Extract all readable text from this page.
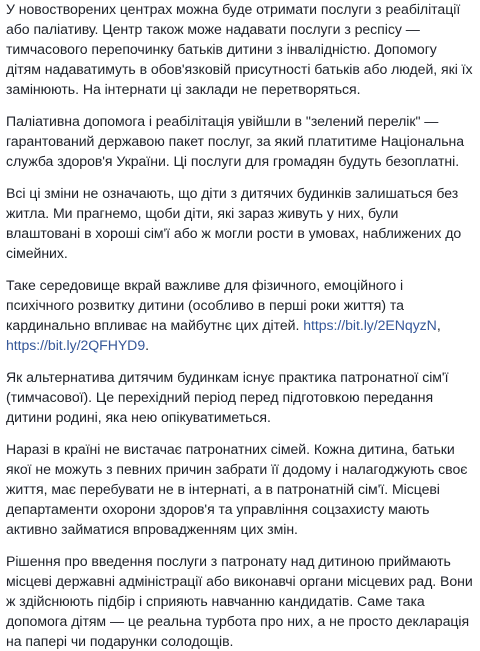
У новостворених центрах можна буде отримати послуги з реабілітації або паліативу. Центр також може надавати послуги з респісу — тимчасового перепочинку батьків дитини з інвалідністю. Допомогу дітям надаватимуть в обов'язковій присутності батьків або людей, які їх замінюють. На інтернати ці заклади не перетворяться.

Паліативна допомога і реабілітація увійшли в "зелений перелік" — гарантований державою пакет послуг, за який платитиме Національна служба здоров'я України. Ці послуги для громадян будуть безоплатні.

Всі ці зміни не означають, що діти з дитячих будинків залишаться без житла. Ми прагнемо, щоби діти, які зараз живуть у них, були влаштовані в хороші сім'ї або ж могли рости в умовах, наближених до сімейних.

Таке середовище вкрай важливе для фізичного, емоційного і психічного розвитку дитини (особливо в перші роки життя) та кардинально впливає на майбутнє цих дітей. https://bit.ly/2ENqyzN, https://bit.ly/2QFHYD9.

Як альтернатива дитячим будинкам існує практика патронатної сім'ї (тимчасової). Це перехідний період перед підготовкою передання дитини родині, яка нею опікуватиметься.

Наразі в країні не вистачає патронатних сімей. Кожна дитина, батьки якої не можуть з певних причин забрати її додому і налагоджують своє життя, має перебувати не в інтернаті, а в патронатній сім'ї. Місцеві департаменти охорони здоров'я та управління соцзахисту мають активно займатися впровадженням цих змін.

Рішення про введення послуги з патронату над дитиною приймають місцеві державні адміністрації або виконавчі органи місцевих рад. Вони ж здійснюють підбір і сприяють навчанню кандидатів. Саме така допомога дітям — це реальна турбота про них, а не просто декларація на папері чи подарунки солодощів.
